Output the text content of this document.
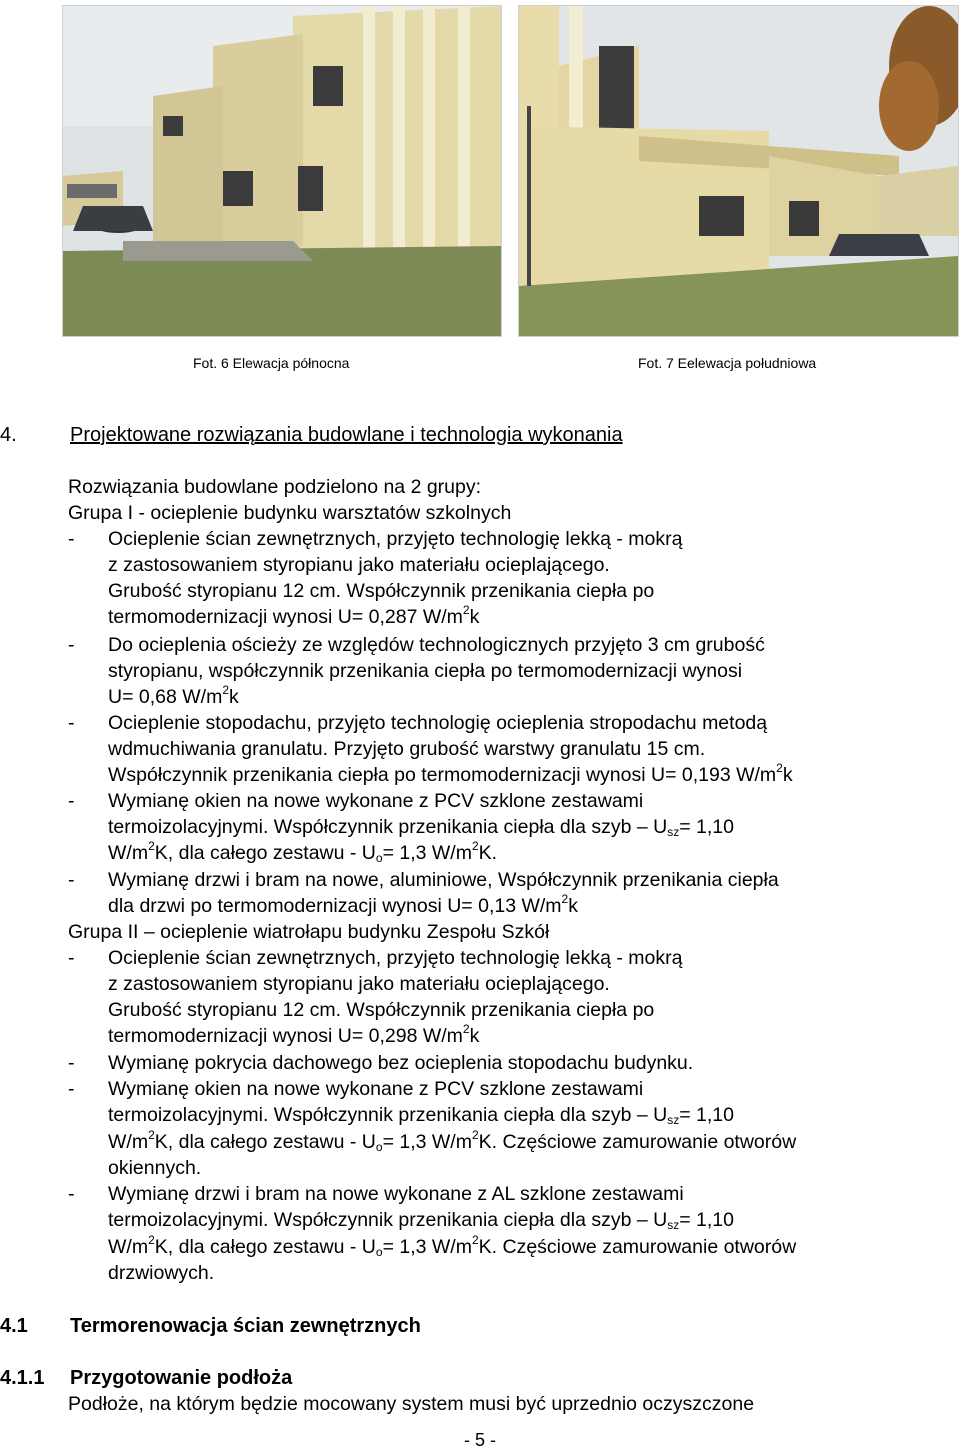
Fot. 6 Elewacja północna	Fot. 7 Eelewacja południowa
4.	Projektowane rozwiązania budowlane i technologia wykonania
Rozwiązania budowlane podzielono na 2 grupy:
Grupa I - ocieplenie budynku warsztatów szkolnych
- Ocieplenie ścian zewnętrznych, przyjęto technologię lekką - mokrą
z zastosowaniem styropianu jako materiału ocieplającego.
Grubość styropianu 12 cm. Współczynnik przenikania ciepła po
termomodernizacji wynosi U= 0,287 $W/m^2k$
- Do ocieplenia ościeży ze względów technologicznych przyjęto 3 cm grubość
styropianu, współczynnik przenikania ciepła po termomodernizacji wynosi
U= 0,68 $W/m^2k$
- Ocieplenie stopodachu, przyjęto technologię ocieplenia stropodachu metodą
wdmuchiwania granulatu. Przyjęto grubość warstwy granulatu 15 cm.
Współczynnik przenikania ciepła po termomodernizacji wynosi U= 0,193 $W/m^2k$
- Wymianę okien na nowe wykonane z PCV szklone zestawami
termoizolacyjnymi. Współczynnik przenikania ciepła dla szyb – $U_{sz}= 1,10$
$W/m^2K$, dla całego zestawu - $U_o= 1,3$ $W/m^2K$.
- Wymianę drzwi i bram na nowe, aluminiowe, Współczynnik przenikania ciepła
dla drzwi po termomodernizacji wynosi U= 0,13 $W/m^2k$
Grupa II – ocieplenie wiatrołapu budynku Zespołu Szkół
- Ocieplenie ścian zewnętrznych, przyjęto technologię lekką - mokrą
z zastosowaniem styropianu jako materiału ocieplającego.
Grubość styropianu 12 cm. Współczynnik przenikania ciepła po
termomodernizacji wynosi U= 0,298 $W/m^2k$
- Wymianę pokrycia dachowego bez ocieplenia stopodachu budynku.
- Wymianę okien na nowe wykonane z PCV szklone zestawami
termoizolacyjnymi. Współczynnik przenikania ciepła dla szyb – $U_{sz}= 1,10$
$W/m^2K$, dla całego zestawu - $U_o= 1,3$ $W/m^2K$. Częściowe zamurowanie otworów
okiennych.
- Wymianę drzwi i bram na nowe wykonane z AL szklone zestawami
termoizolacyjnymi. Współczynnik przenikania ciepła dla szyb – $U_{sz}= 1,10$
$W/m^2K$, dla całego zestawu - $U_o= 1,3$ $W/m^2K$. Częściowe zamurowanie otworów
drzwiowych.
4.1 Termorenowacja ścian zewnętrznych
4.1.1 Przygotowanie podłoża
Podłoże, na którym będzie mocowany system musi być uprzednio oczyszczone
- 5 -
